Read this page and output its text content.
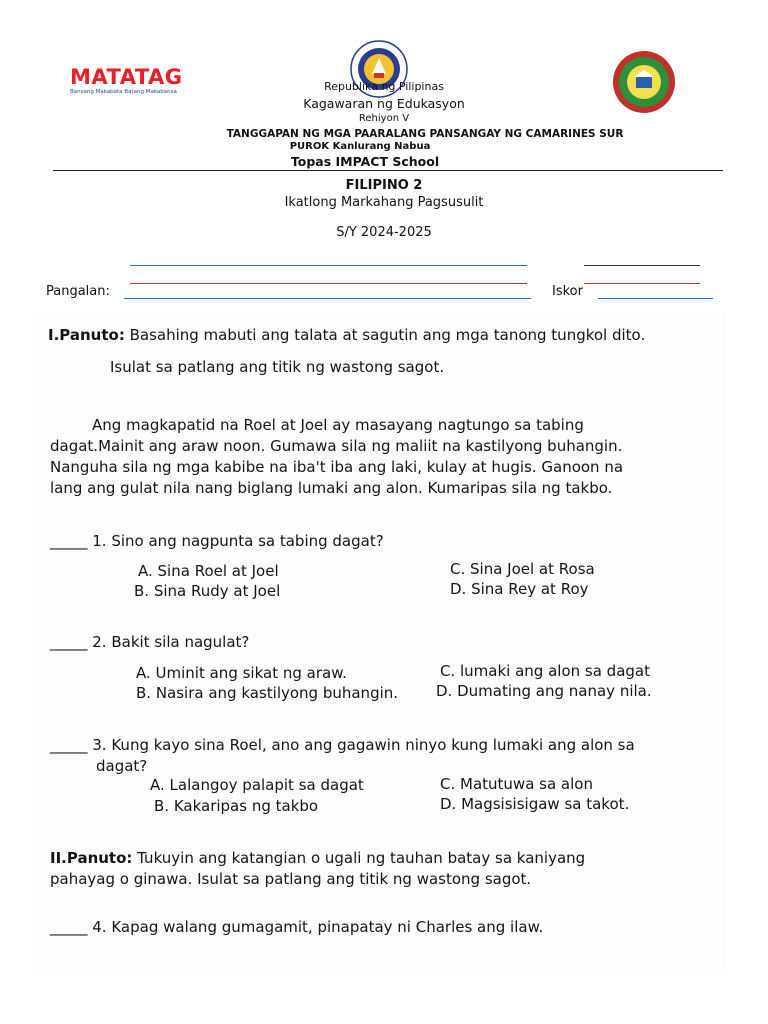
MATATAG
Bansang Makabata Batang Makabansa	Republika ng Pilipinas
Kagawaran ng Edukasyon
Rehiyon V
TANGGAPAN NG MGA PAARALANG PANSANGAY NG CAMARINES SUR
PUROK Kanlurang Nabua
Topas IMPACT School
FILIPINO 2
Ikatlong Markahang Pagsusulit
S/Y 2024-2025
Pangalan:	Iskor
I.Panuto: Basahing mabuti ang talata at sagutin ang mga tanong tungkol dito.
Isulat sa patlang ang titik ng wastong sagot.
Ang magkapatid na Roel at Joel ay masayang nagtungo sa tabing
dagat.Mainit ang araw noon. Gumawa sila ng maliit na kastilyong buhangin.
Nanguha sila ng mga kabibe na iba't iba ang laki, kulay at hugis. Ganoon na
lang ang gulat nila nang biglang lumaki ang alon. Kumaripas sila ng takbo.
_____ 1. Sino ang nagpunta sa tabing dagat?
A. Sina Roel at Joel	C. Sina Joel at Rosa
B. Sina Rudy at Joel	D. Sina Rey at Roy
_____ 2. Bakit sila nagulat?
A. Uminit ang sikat ng araw.	C. lumaki ang alon sa dagat
B. Nasira ang kastilyong buhangin.	D. Dumating ang nanay nila.
_____ 3. Kung kayo sina Roel, ano ang gagawin ninyo kung lumaki ang alon sa
dagat?
A. Lalangoy palapit sa dagat	C. Matutuwa sa alon
B. Kakaripas ng takbo	D. Magsisisigaw sa takot.
II.Panuto: Tukuyin ang katangian o ugali ng tauhan batay sa kaniyang
pahayag o ginawa. Isulat sa patlang ang titik ng wastong sagot.
_____ 4. Kapag walang gumagamit, pinapatay ni Charles ang ilaw.
